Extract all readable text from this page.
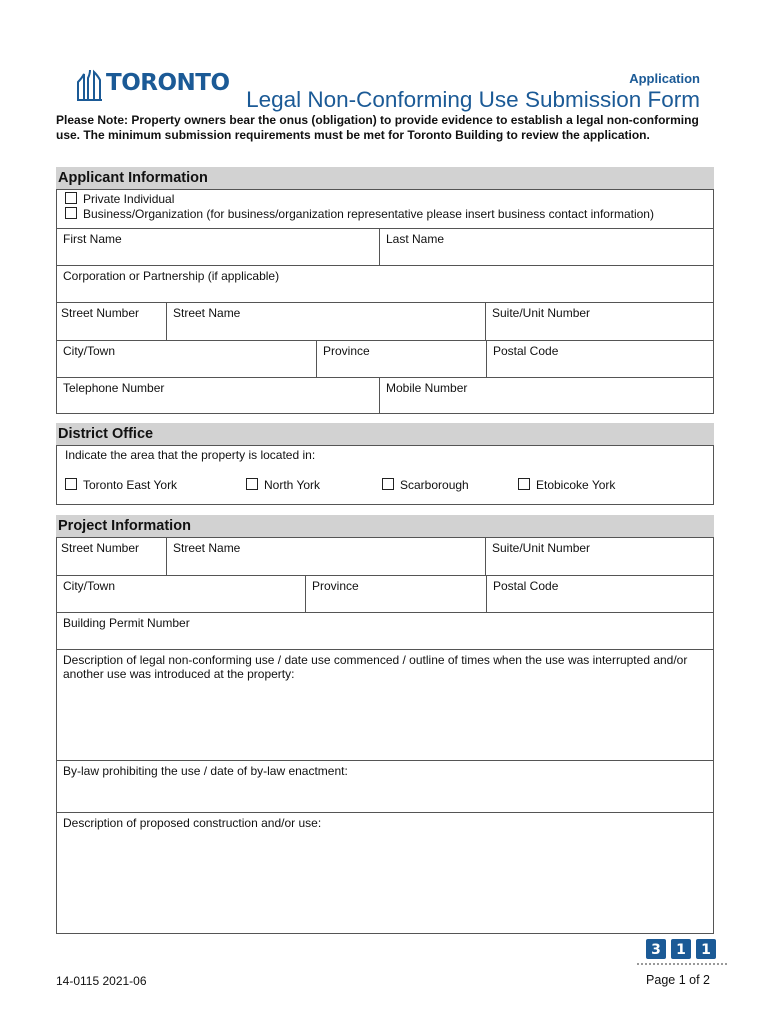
TORONTO	Application
Legal Non-Conforming Use Submission Form
Please Note: Property owners bear the onus (obligation) to provide evidence to establish a legal non-conforming use. The minimum submission requirements must be met for Toronto Building to review the application.
Applicant Information
Private Individual
Business/Organization (for business/organization representative please insert business contact information)
First Name	Last Name
Corporation or Partnership (if applicable)
Street Number	Street Name	Suite/Unit Number
City/Town	Province	Postal Code
Telephone Number	Mobile Number
District Office
Indicate the area that the property is located in:
Toronto East York	North York	Scarborough	Etobicoke York
Project Information
Street Number	Street Name	Suite/Unit Number
City/Town	Province	Postal Code
Building Permit Number
Description of legal non-conforming use / date use commenced / outline of times when the use was interrupted and/or another use was introduced at the property:
By-law prohibiting the use / date of by-law enactment:
Description of proposed construction and/or use:
3 1 1
14-0115 2021-06	Page 1 of 2
